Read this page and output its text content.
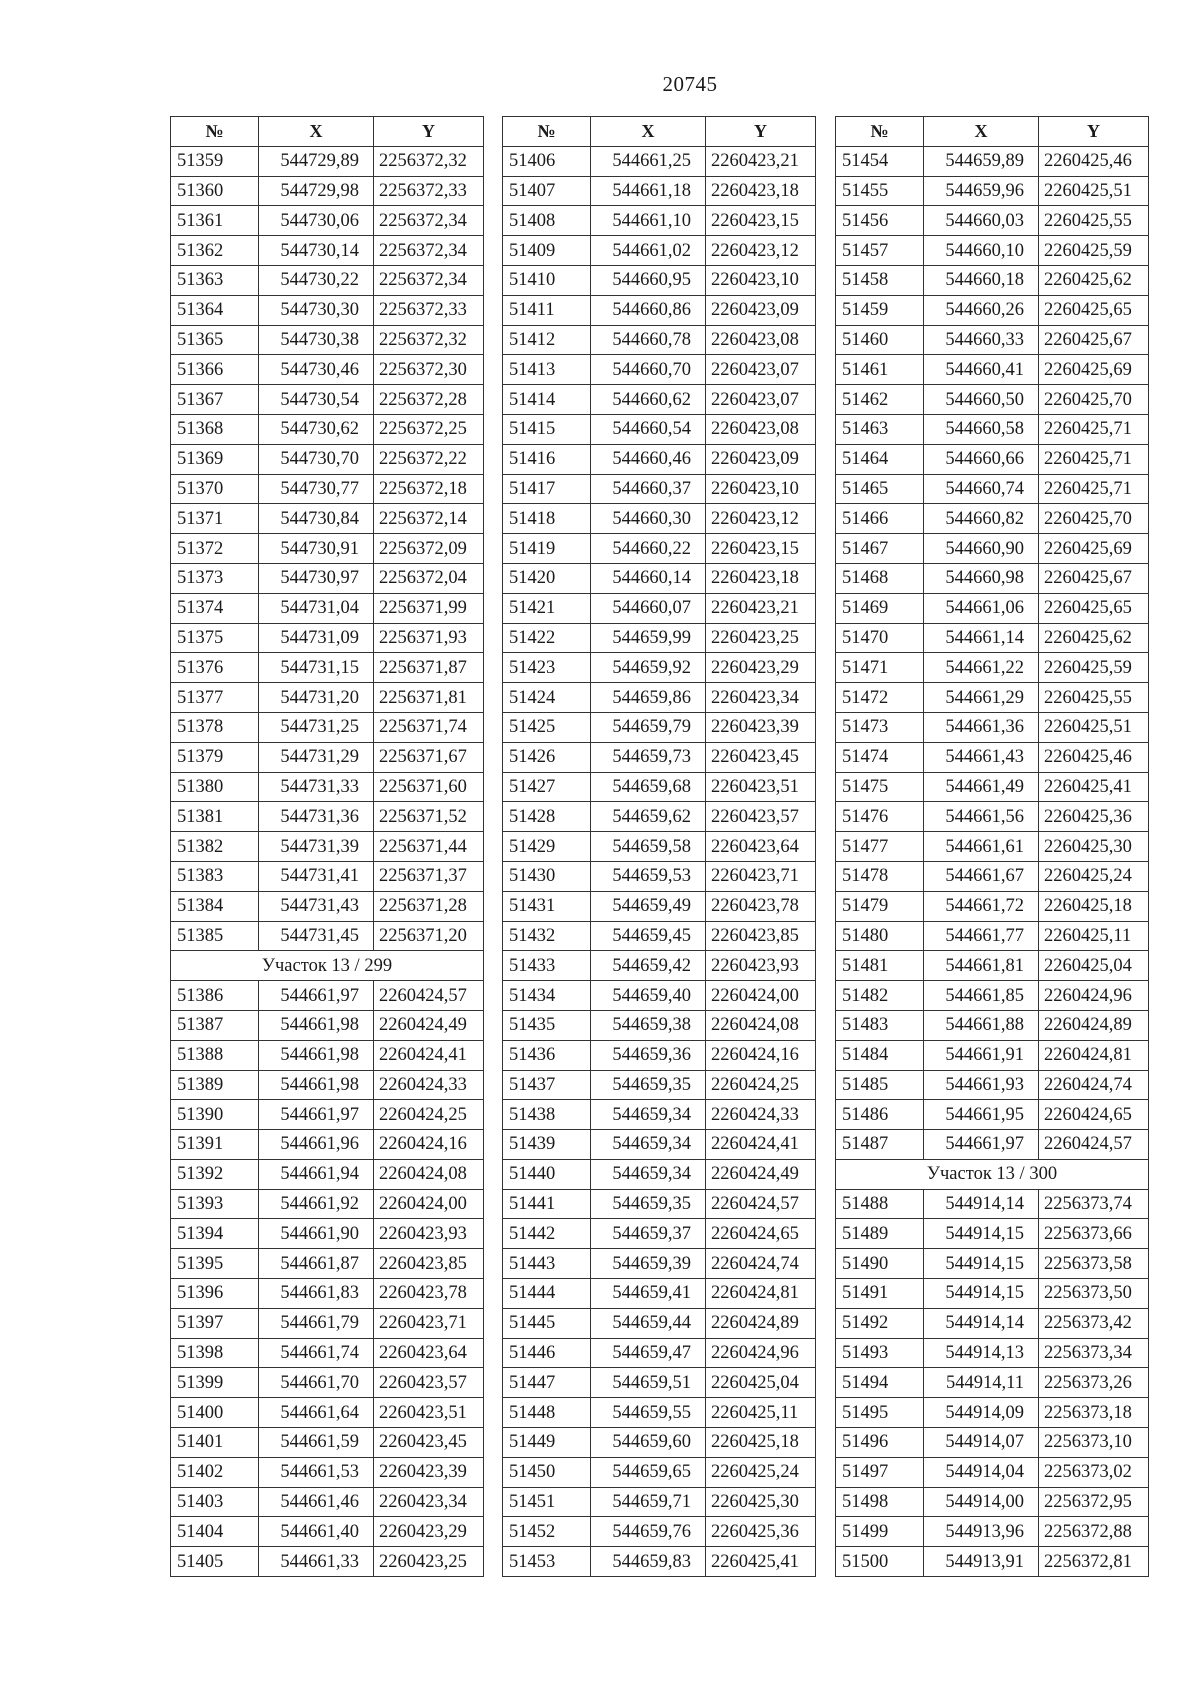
20745
№	X	Y
51359	544729,89	2256372,32
51360	544729,98	2256372,33
51361	544730,06	2256372,34
51362	544730,14	2256372,34
51363	544730,22	2256372,34
51364	544730,30	2256372,33
51365	544730,38	2256372,32
51366	544730,46	2256372,30
51367	544730,54	2256372,28
51368	544730,62	2256372,25
51369	544730,70	2256372,22
51370	544730,77	2256372,18
51371	544730,84	2256372,14
51372	544730,91	2256372,09
51373	544730,97	2256372,04
51374	544731,04	2256371,99
51375	544731,09	2256371,93
51376	544731,15	2256371,87
51377	544731,20	2256371,81
51378	544731,25	2256371,74
51379	544731,29	2256371,67
51380	544731,33	2256371,60
51381	544731,36	2256371,52
51382	544731,39	2256371,44
51383	544731,41	2256371,37
51384	544731,43	2256371,28
51385	544731,45	2256371,20
Участок 13 / 299		
51386	544661,97	2260424,57
51387	544661,98	2260424,49
51388	544661,98	2260424,41
51389	544661,98	2260424,33
51390	544661,97	2260424,25
51391	544661,96	2260424,16
51392	544661,94	2260424,08
51393	544661,92	2260424,00
51394	544661,90	2260423,93
51395	544661,87	2260423,85
51396	544661,83	2260423,78
51397	544661,79	2260423,71
51398	544661,74	2260423,64
51399	544661,70	2260423,57
51400	544661,64	2260423,51
51401	544661,59	2260423,45
51402	544661,53	2260423,39
51403	544661,46	2260423,34
51404	544661,40	2260423,29
51405	544661,33	2260423,25
№	X	Y
51406	544661,25	2260423,21
51407	544661,18	2260423,18
51408	544661,10	2260423,15
51409	544661,02	2260423,12
51410	544660,95	2260423,10
51411	544660,86	2260423,09
51412	544660,78	2260423,08
51413	544660,70	2260423,07
51414	544660,62	2260423,07
51415	544660,54	2260423,08
51416	544660,46	2260423,09
51417	544660,37	2260423,10
51418	544660,30	2260423,12
51419	544660,22	2260423,15
51420	544660,14	2260423,18
51421	544660,07	2260423,21
51422	544659,99	2260423,25
51423	544659,92	2260423,29
51424	544659,86	2260423,34
51425	544659,79	2260423,39
51426	544659,73	2260423,45
51427	544659,68	2260423,51
51428	544659,62	2260423,57
51429	544659,58	2260423,64
51430	544659,53	2260423,71
51431	544659,49	2260423,78
51432	544659,45	2260423,85
51433	544659,42	2260423,93
51434	544659,40	2260424,00
51435	544659,38	2260424,08
51436	544659,36	2260424,16
51437	544659,35	2260424,25
51438	544659,34	2260424,33
51439	544659,34	2260424,41
51440	544659,34	2260424,49
51441	544659,35	2260424,57
51442	544659,37	2260424,65
51443	544659,39	2260424,74
51444	544659,41	2260424,81
51445	544659,44	2260424,89
51446	544659,47	2260424,96
51447	544659,51	2260425,04
51448	544659,55	2260425,11
51449	544659,60	2260425,18
51450	544659,65	2260425,24
51451	544659,71	2260425,30
51452	544659,76	2260425,36
51453	544659,83	2260425,41
№	X	Y
51454	544659,89	2260425,46
51455	544659,96	2260425,51
51456	544660,03	2260425,55
51457	544660,10	2260425,59
51458	544660,18	2260425,62
51459	544660,26	2260425,65
51460	544660,33	2260425,67
51461	544660,41	2260425,69
51462	544660,50	2260425,70
51463	544660,58	2260425,71
51464	544660,66	2260425,71
51465	544660,74	2260425,71
51466	544660,82	2260425,70
51467	544660,90	2260425,69
51468	544660,98	2260425,67
51469	544661,06	2260425,65
51470	544661,14	2260425,62
51471	544661,22	2260425,59
51472	544661,29	2260425,55
51473	544661,36	2260425,51
51474	544661,43	2260425,46
51475	544661,49	2260425,41
51476	544661,56	2260425,36
51477	544661,61	2260425,30
51478	544661,67	2260425,24
51479	544661,72	2260425,18
51480	544661,77	2260425,11
51481	544661,81	2260425,04
51482	544661,85	2260424,96
51483	544661,88	2260424,89
51484	544661,91	2260424,81
51485	544661,93	2260424,74
51486	544661,95	2260424,65
51487	544661,97	2260424,57
Участок 13 / 300		
51488	544914,14	2256373,74
51489	544914,15	2256373,66
51490	544914,15	2256373,58
51491	544914,15	2256373,50
51492	544914,14	2256373,42
51493	544914,13	2256373,34
51494	544914,11	2256373,26
51495	544914,09	2256373,18
51496	544914,07	2256373,10
51497	544914,04	2256373,02
51498	544914,00	2256372,95
51499	544913,96	2256372,88
51500	544913,91	2256372,81
